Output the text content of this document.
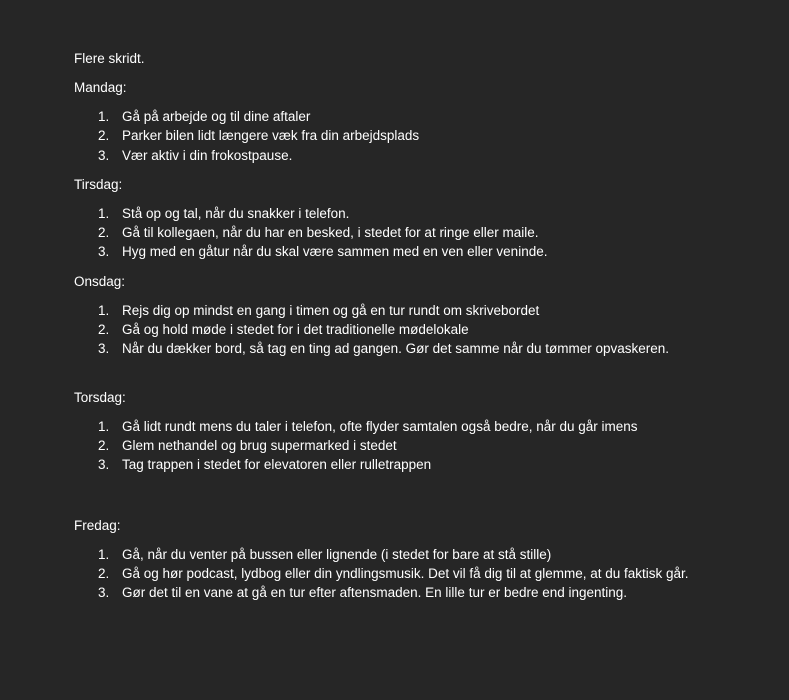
Flere skridt.

Mandag:

1. Gå på arbejde og til dine aftaler
2. Parker bilen lidt længere væk fra din arbejdsplads
3. Vær aktiv i din frokostpause.

Tirsdag:

1. Stå op og tal, når du snakker i telefon.
2. Gå til kollegaen, når du har en besked, i stedet for at ringe eller maile.
3. Hyg med en gåtur når du skal være sammen med en ven eller veninde.

Onsdag:

1. Rejs dig op mindst en gang i timen og gå en tur rundt om skrivebordet
2. Gå og hold møde i stedet for i det traditionelle mødelokale
3. Når du dækker bord, så tag en ting ad gangen. Gør det samme når du tømmer opvaskeren.

Torsdag:

1. Gå lidt rundt mens du taler i telefon, ofte flyder samtalen også bedre, når du går imens
2. Glem nethandel og brug supermarked i stedet
3. Tag trappen i stedet for elevatoren eller rulletrappen

Fredag:

1. Gå, når du venter på bussen eller lignende (i stedet for bare at stå stille)
2. Gå og hør podcast, lydbog eller din yndlingsmusik. Det vil få dig til at glemme, at du faktisk går.
3. Gør det til en vane at gå en tur efter aftensmaden. En lille tur er bedre end ingenting.
